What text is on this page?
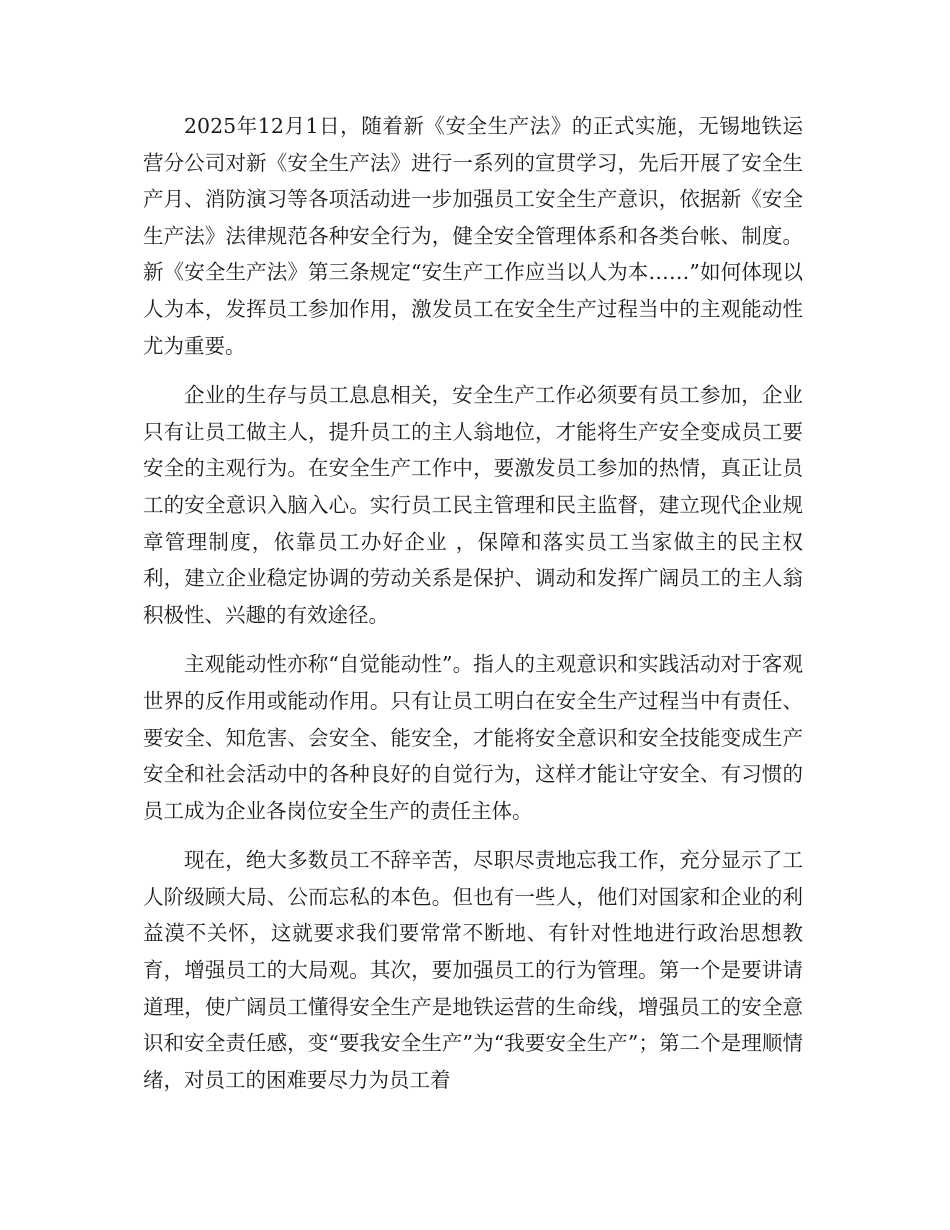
2025年12月1日，随着新《安全生产法》的正式实施，无锡地铁运营分公司对新《安全生产法》进行一系列的宣贯学习，先后开展了安全生产月、消防演习等各项活动进一步加强员工安全生产意识，依据新《安全生产法》法律规范各种安全行为，健全安全管理体系和各类台帐、制度。新《安全生产法》第三条规定“安生产工作应当以人为本……”如何体现以人为本，发挥员工参加作用，激发员工在安全生产过程当中的主观能动性尤为重要。

企业的生存与员工息息相关，安全生产工作必须要有员工参加，企业只有让员工做主人，提升员工的主人翁地位，才能将生产安全变成员工要安全的主观行为。在安全生产工作中，要激发员工参加的热情，真正让员工的安全意识入脑入心。实行员工民主管理和民主监督，建立现代企业规章管理制度，依靠员工办好企业 ，保障和落实员工当家做主的民主权利，建立企业稳定协调的劳动关系是保护、调动和发挥广阔员工的主人翁积极性、兴趣的有效途径。

主观能动性亦称“自觉能动性”。指人的主观意识和实践活动对于客观世界的反作用或能动作用。只有让员工明白在安全生产过程当中有责任、要安全、知危害、会安全、能安全，才能将安全意识和安全技能变成生产安全和社会活动中的各种良好的自觉行为，这样才能让守安全、有习惯的员工成为企业各岗位安全生产的责任主体。

现在，绝大多数员工不辞辛苦，尽职尽责地忘我工作，充分显示了工人阶级顾大局、公而忘私的本色。但也有一些人，他们对国家和企业的利益漠不关怀，这就要求我们要常常不断地、有针对性地进行政治思想教育，增强员工的大局观。其次，要加强员工的行为管理。第一个是要讲请道理，使广阔员工懂得安全生产是地铁运营的生命线，增强员工的安全意识和安全责任感，变“要我安全生产”为“我要安全生产”；第二个是理顺情绪，对员工的困难要尽力为员工着
